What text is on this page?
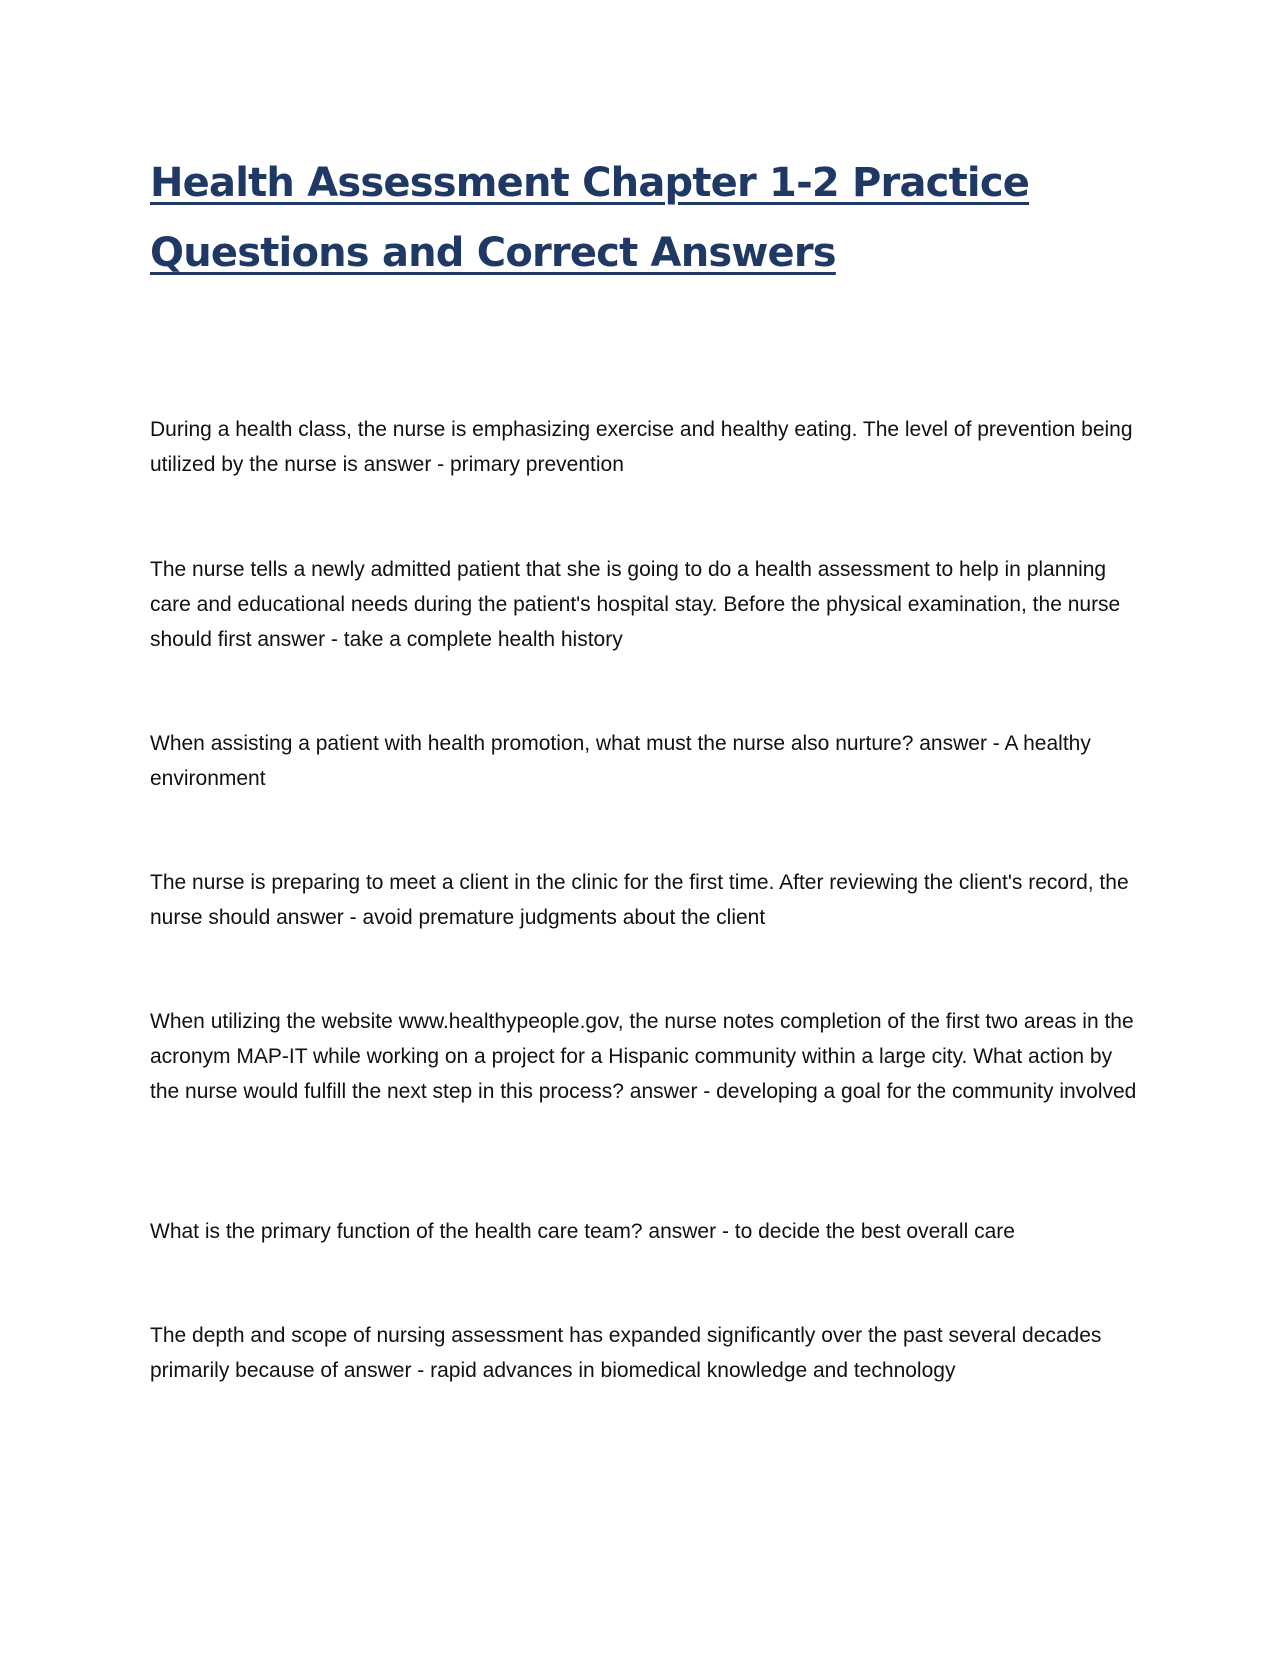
Health Assessment Chapter 1-2 Practice
Questions and Correct Answers

During a health class, the nurse is emphasizing exercise and healthy eating. The level of prevention being utilized by the nurse is answer - primary prevention

The nurse tells a newly admitted patient that she is going to do a health assessment to help in planning care and educational needs during the patient's hospital stay. Before the physical examination, the nurse should first answer - take a complete health history

When assisting a patient with health promotion, what must the nurse also nurture? answer - A healthy environment

The nurse is preparing to meet a client in the clinic for the first time. After reviewing the client's record, the nurse should answer - avoid premature judgments about the client

When utilizing the website www.healthypeople.gov, the nurse notes completion of the first two areas in the acronym MAP-IT while working on a project for a Hispanic community within a large city. What action by the nurse would fulfill the next step in this process? answer - developing a goal for the community involved

What is the primary function of the health care team? answer - to decide the best overall care

The depth and scope of nursing assessment has expanded significantly over the past several decades primarily because of answer - rapid advances in biomedical knowledge and technology
